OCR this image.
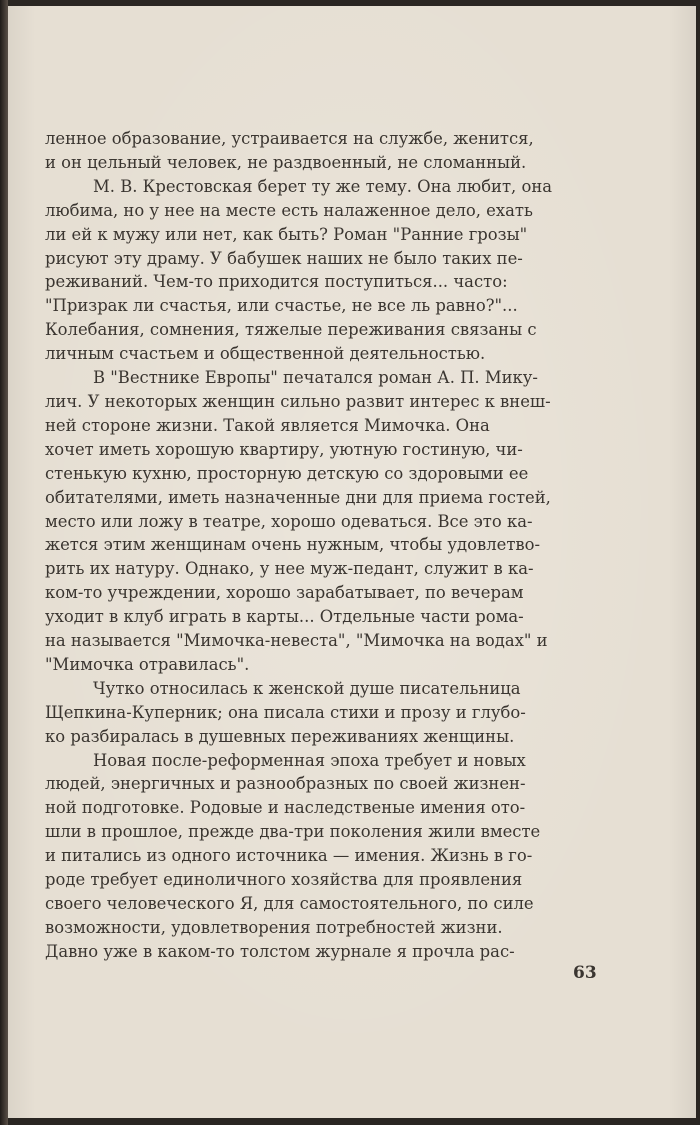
ленное образование, устраивается на службе, женится,
и он цельный человек, не раздвоенный, не сломанный.

М. В. Крестовская берет ту же тему. Она любит, она
любима, но у нее на месте есть налаженное дело, ехать
ли ей к мужу или нет, как быть? Роман "Ранние грозы"
рисуют эту драму. У бабушек наших не было таких пе-
реживаний. Чем-то приходится поступиться... часто:
"Призрак ли счастья, или счастье, не все ль равно?"...
Колебания, сомнения, тяжелые переживания связаны с
личным счастьем и общественной деятельностью.

В "Вестнике Европы" печатался роман А. П. Мику-
лич. У некоторых женщин сильно развит интерес к внеш-
ней стороне жизни. Такой является Мимочка. Она
хочет иметь хорошую квартиру, уютную гостиную, чи-
стенькую кухню, просторную детскую со здоровыми ее
обитателями, иметь назначенные дни для приема гостей,
место или ложу в театре, хорошо одеваться. Все это ка-
жется этим женщинам очень нужным, чтобы удовлетво-
рить их натуру. Однако, у нее муж-педант, служит в ка-
ком-то учреждении, хорошо зарабатывает, по вечерам
уходит в клуб играть в карты... Отдельные части рома-
на называется "Мимочка-невеста", "Мимочка на водах" и
"Мимочка отравилась".

Чутко относилась к женской душе писательница
Щепкина-Куперник; она писала стихи и прозу и глубо-
ко разбиралась в душевных переживаниях женщины.

Новая после-реформенная эпоха требует и новых
людей, энергичных и разнообразных по своей жизнен-
ной подготовке. Родовые и наследственые имения ото-
шли в прошлое, прежде два-три поколения жили вместе
и питались из одного источника — имения. Жизнь в го-
роде требует единоличного хозяйства для проявления
своего человеческого Я, для самостоятельного, по силе
возможности, удовлетворения потребностей жизни.
Давно уже в каком-то толстом журнале я прочла рас-

63
